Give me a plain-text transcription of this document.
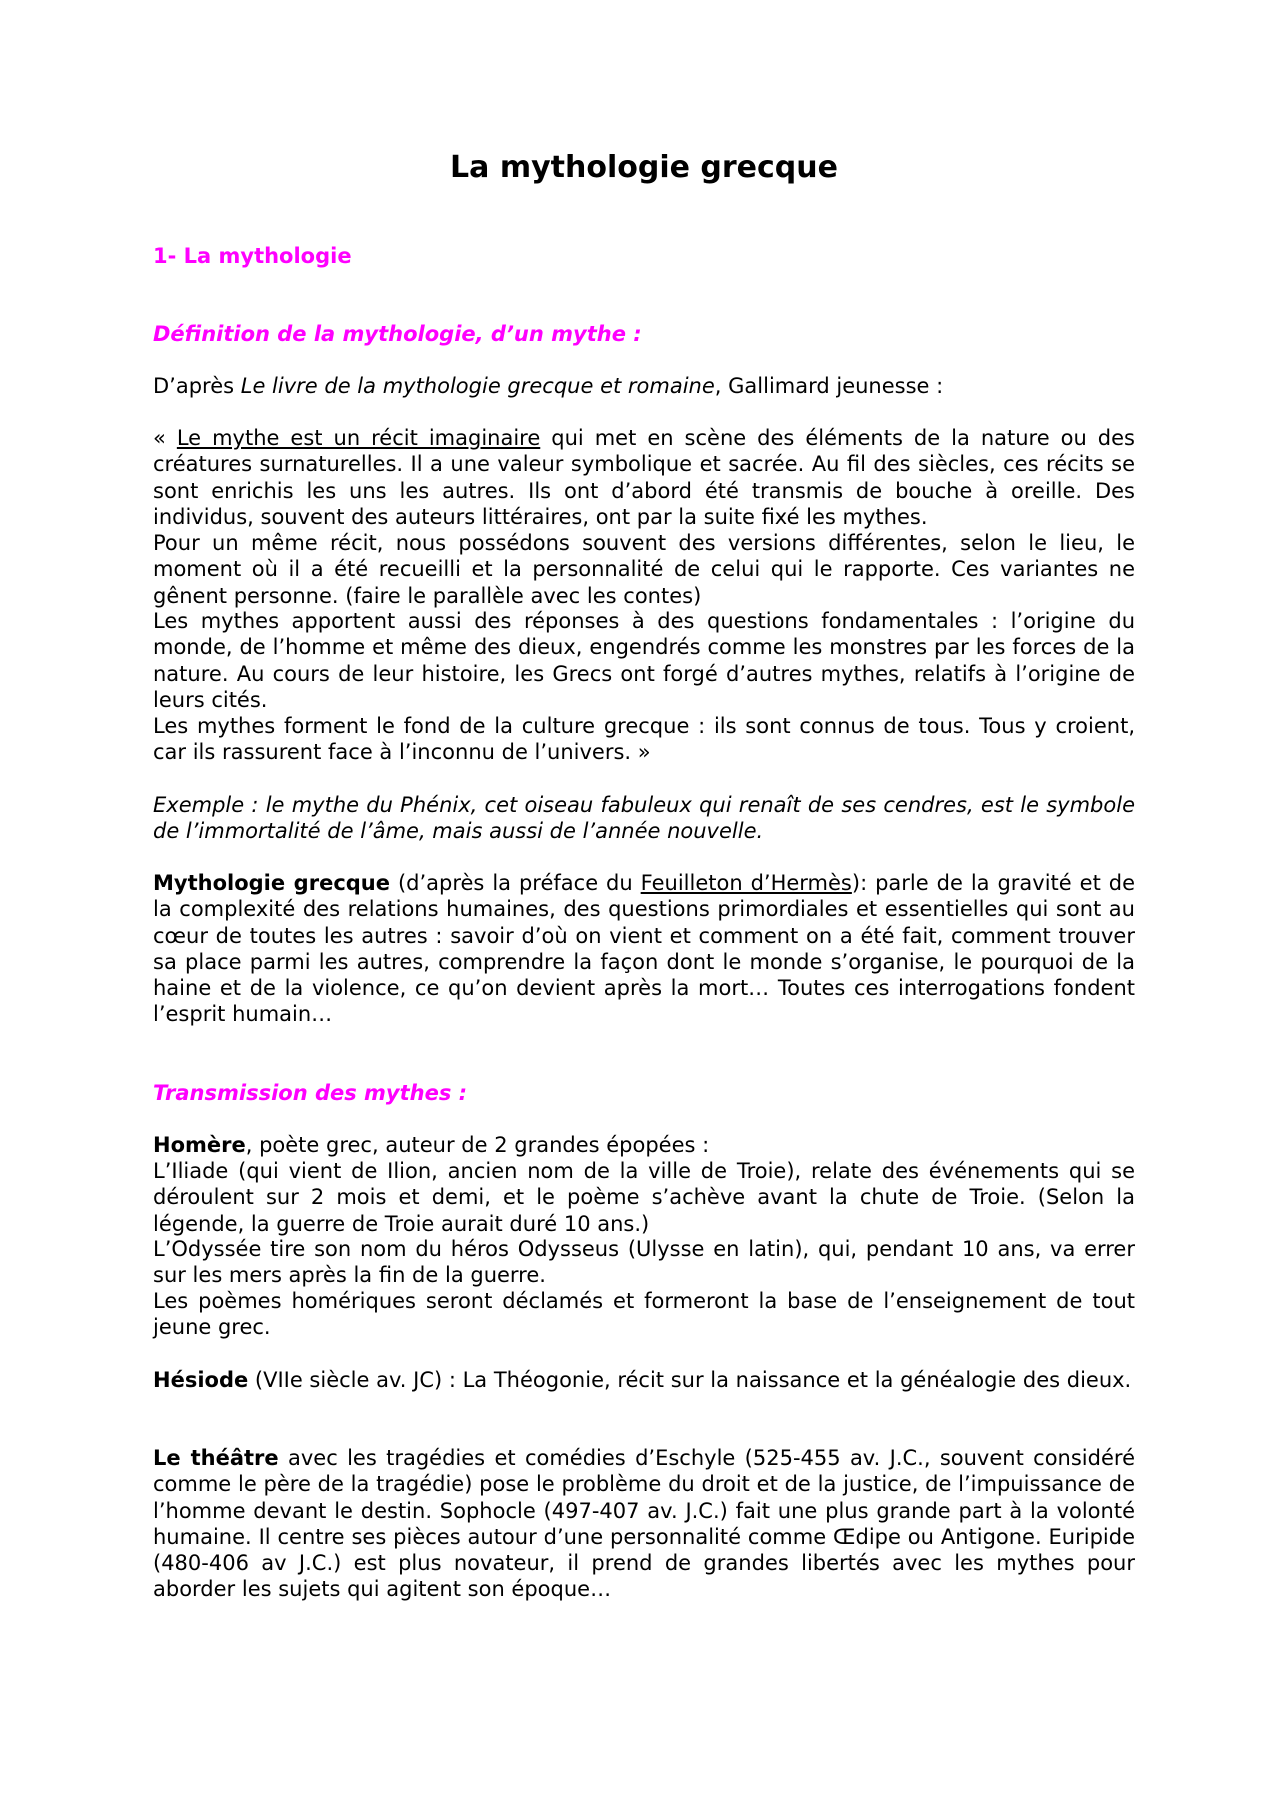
La mythologie grecque
1- La mythologie
Définition de la mythologie, d’un mythe :

D’après Le livre de la mythologie grecque et romaine, Gallimard jeunesse :

« Le mythe est un récit imaginaire qui met en scène des éléments de la nature ou des créatures surnaturelles. Il a une valeur symbolique et sacrée. Au fil des siècles, ces récits se sont enrichis les uns les autres. Ils ont d’abord été transmis de bouche à oreille. Des individus, souvent des auteurs littéraires, ont par la suite fixé les mythes.

Pour un même récit, nous possédons souvent des versions différentes, selon le lieu, le moment où il a été recueilli et la personnalité de celui qui le rapporte. Ces variantes ne gênent personne. (faire le parallèle avec les contes)

Les mythes apportent aussi des réponses à des questions fondamentales : l’origine du monde, de l’homme et même des dieux, engendrés comme les monstres par les forces de la nature. Au cours de leur histoire, les Grecs ont forgé d’autres mythes, relatifs à l’origine de leurs cités.

Les mythes forment le fond de la culture grecque : ils sont connus de tous. Tous y croient, car ils rassurent face à l’inconnu de l’univers. »

Exemple : le mythe du Phénix, cet oiseau fabuleux qui renaît de ses cendres, est le symbole de l’immortalité de l’âme, mais aussi de l’année nouvelle.

Mythologie grecque (d’après la préface du Feuilleton d’Hermès): parle de la gravité et de la complexité des relations humaines, des questions primordiales et essentielles qui sont au cœur de toutes les autres : savoir d’où on vient et comment on a été fait, comment trouver sa place parmi les autres, comprendre la façon dont le monde s’organise, le pourquoi de la haine et de la violence, ce qu’on devient après la mort… Toutes ces interrogations fondent l’esprit humain…

Transmission des mythes :

Homère, poète grec, auteur de 2 grandes épopées :

L’Iliade (qui vient de Ilion, ancien nom de la ville de Troie), relate des événements qui se déroulent sur 2 mois et demi, et le poème s’achève avant la chute de Troie. (Selon la légende, la guerre de Troie aurait duré 10 ans.)

L’Odyssée tire son nom du héros Odysseus (Ulysse en latin), qui, pendant 10 ans, va errer sur les mers après la fin de la guerre.

Les poèmes homériques seront déclamés et formeront la base de l’enseignement de tout jeune grec.

Hésiode (VIIe siècle av. JC) : La Théogonie, récit sur la naissance et la généalogie des dieux.

Le théâtre avec les tragédies et comédies d’Eschyle (525-455 av. J.C., souvent considéré comme le père de la tragédie) pose le problème du droit et de la justice, de l’impuissance de l’homme devant le destin. Sophocle (497-407 av. J.C.) fait une plus grande part à la volonté humaine. Il centre ses pièces autour d’une personnalité comme Œdipe ou Antigone. Euripide (480-406 av J.C.) est plus novateur, il prend de grandes libertés avec les mythes pour aborder les sujets qui agitent son époque…
